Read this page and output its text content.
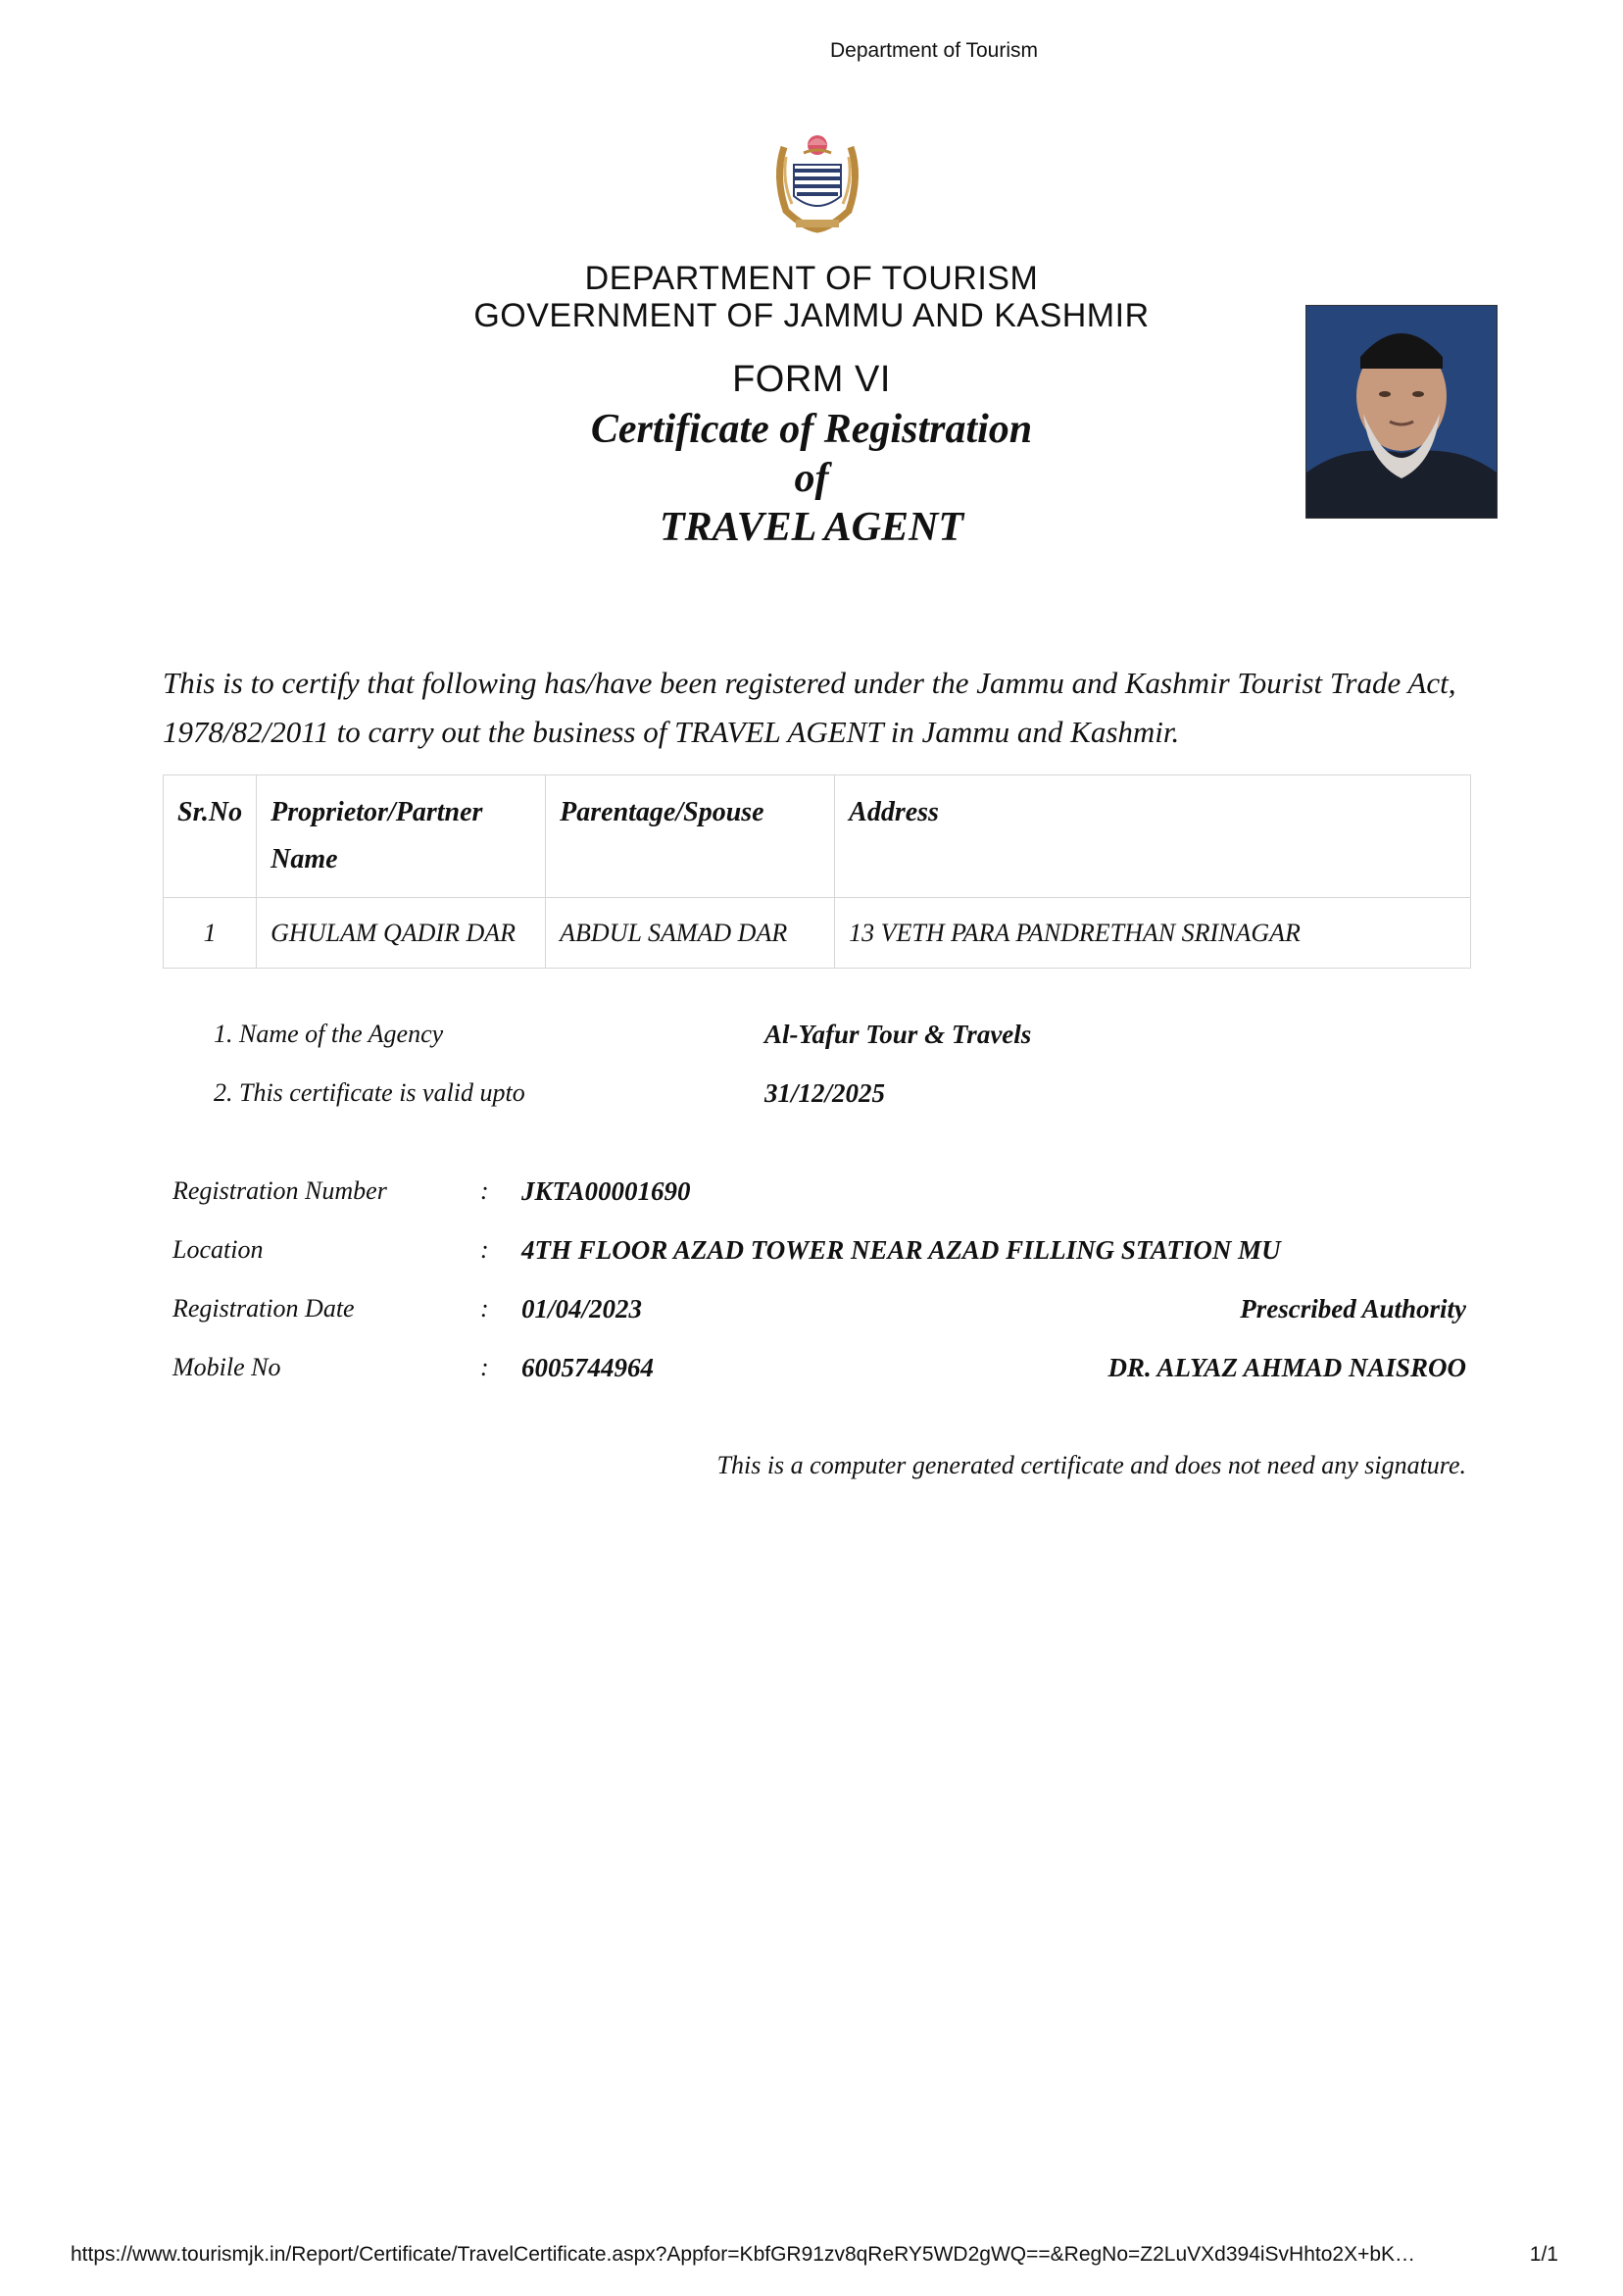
Department of Tourism
DEPARTMENT OF TOURISM
GOVERNMENT OF JAMMU AND KASHMIR
FORM VI
Certificate of Registration
of
TRAVEL AGENT
This is to certify that following has/have been registered under the Jammu and Kashmir Tourist Trade Act, 1978/82/2011 to carry out the business of TRAVEL AGENT in Jammu and Kashmir.
Sr.No	Proprietor/Partner Name	Parentage/Spouse	Address
1	GHULAM QADIR DAR	ABDUL SAMAD DAR	13 VETH PARA PANDRETHAN SRINAGAR
1. Name of the Agency	Al-Yafur Tour & Travels
2. This certificate is valid upto	31/12/2025
Registration Number	: JKTA00001690
Location	: 4TH FLOOR AZAD TOWER NEAR AZAD FILLING STATION MU
Registration Date	: 01/04/2023	Prescribed Authority
Mobile No	: 6005744964	DR. ALYAZ AHMAD NAISROO
This is a computer generated certificate and does not need any signature.
https://www.tourismjk.in/Report/Certificate/TravelCertificate.aspx?Appfor=KbfGR91zv8qReRY5WD2gWQ==&RegNo=Z2LuVXd394iSvHhto2X+bK…	1/1
